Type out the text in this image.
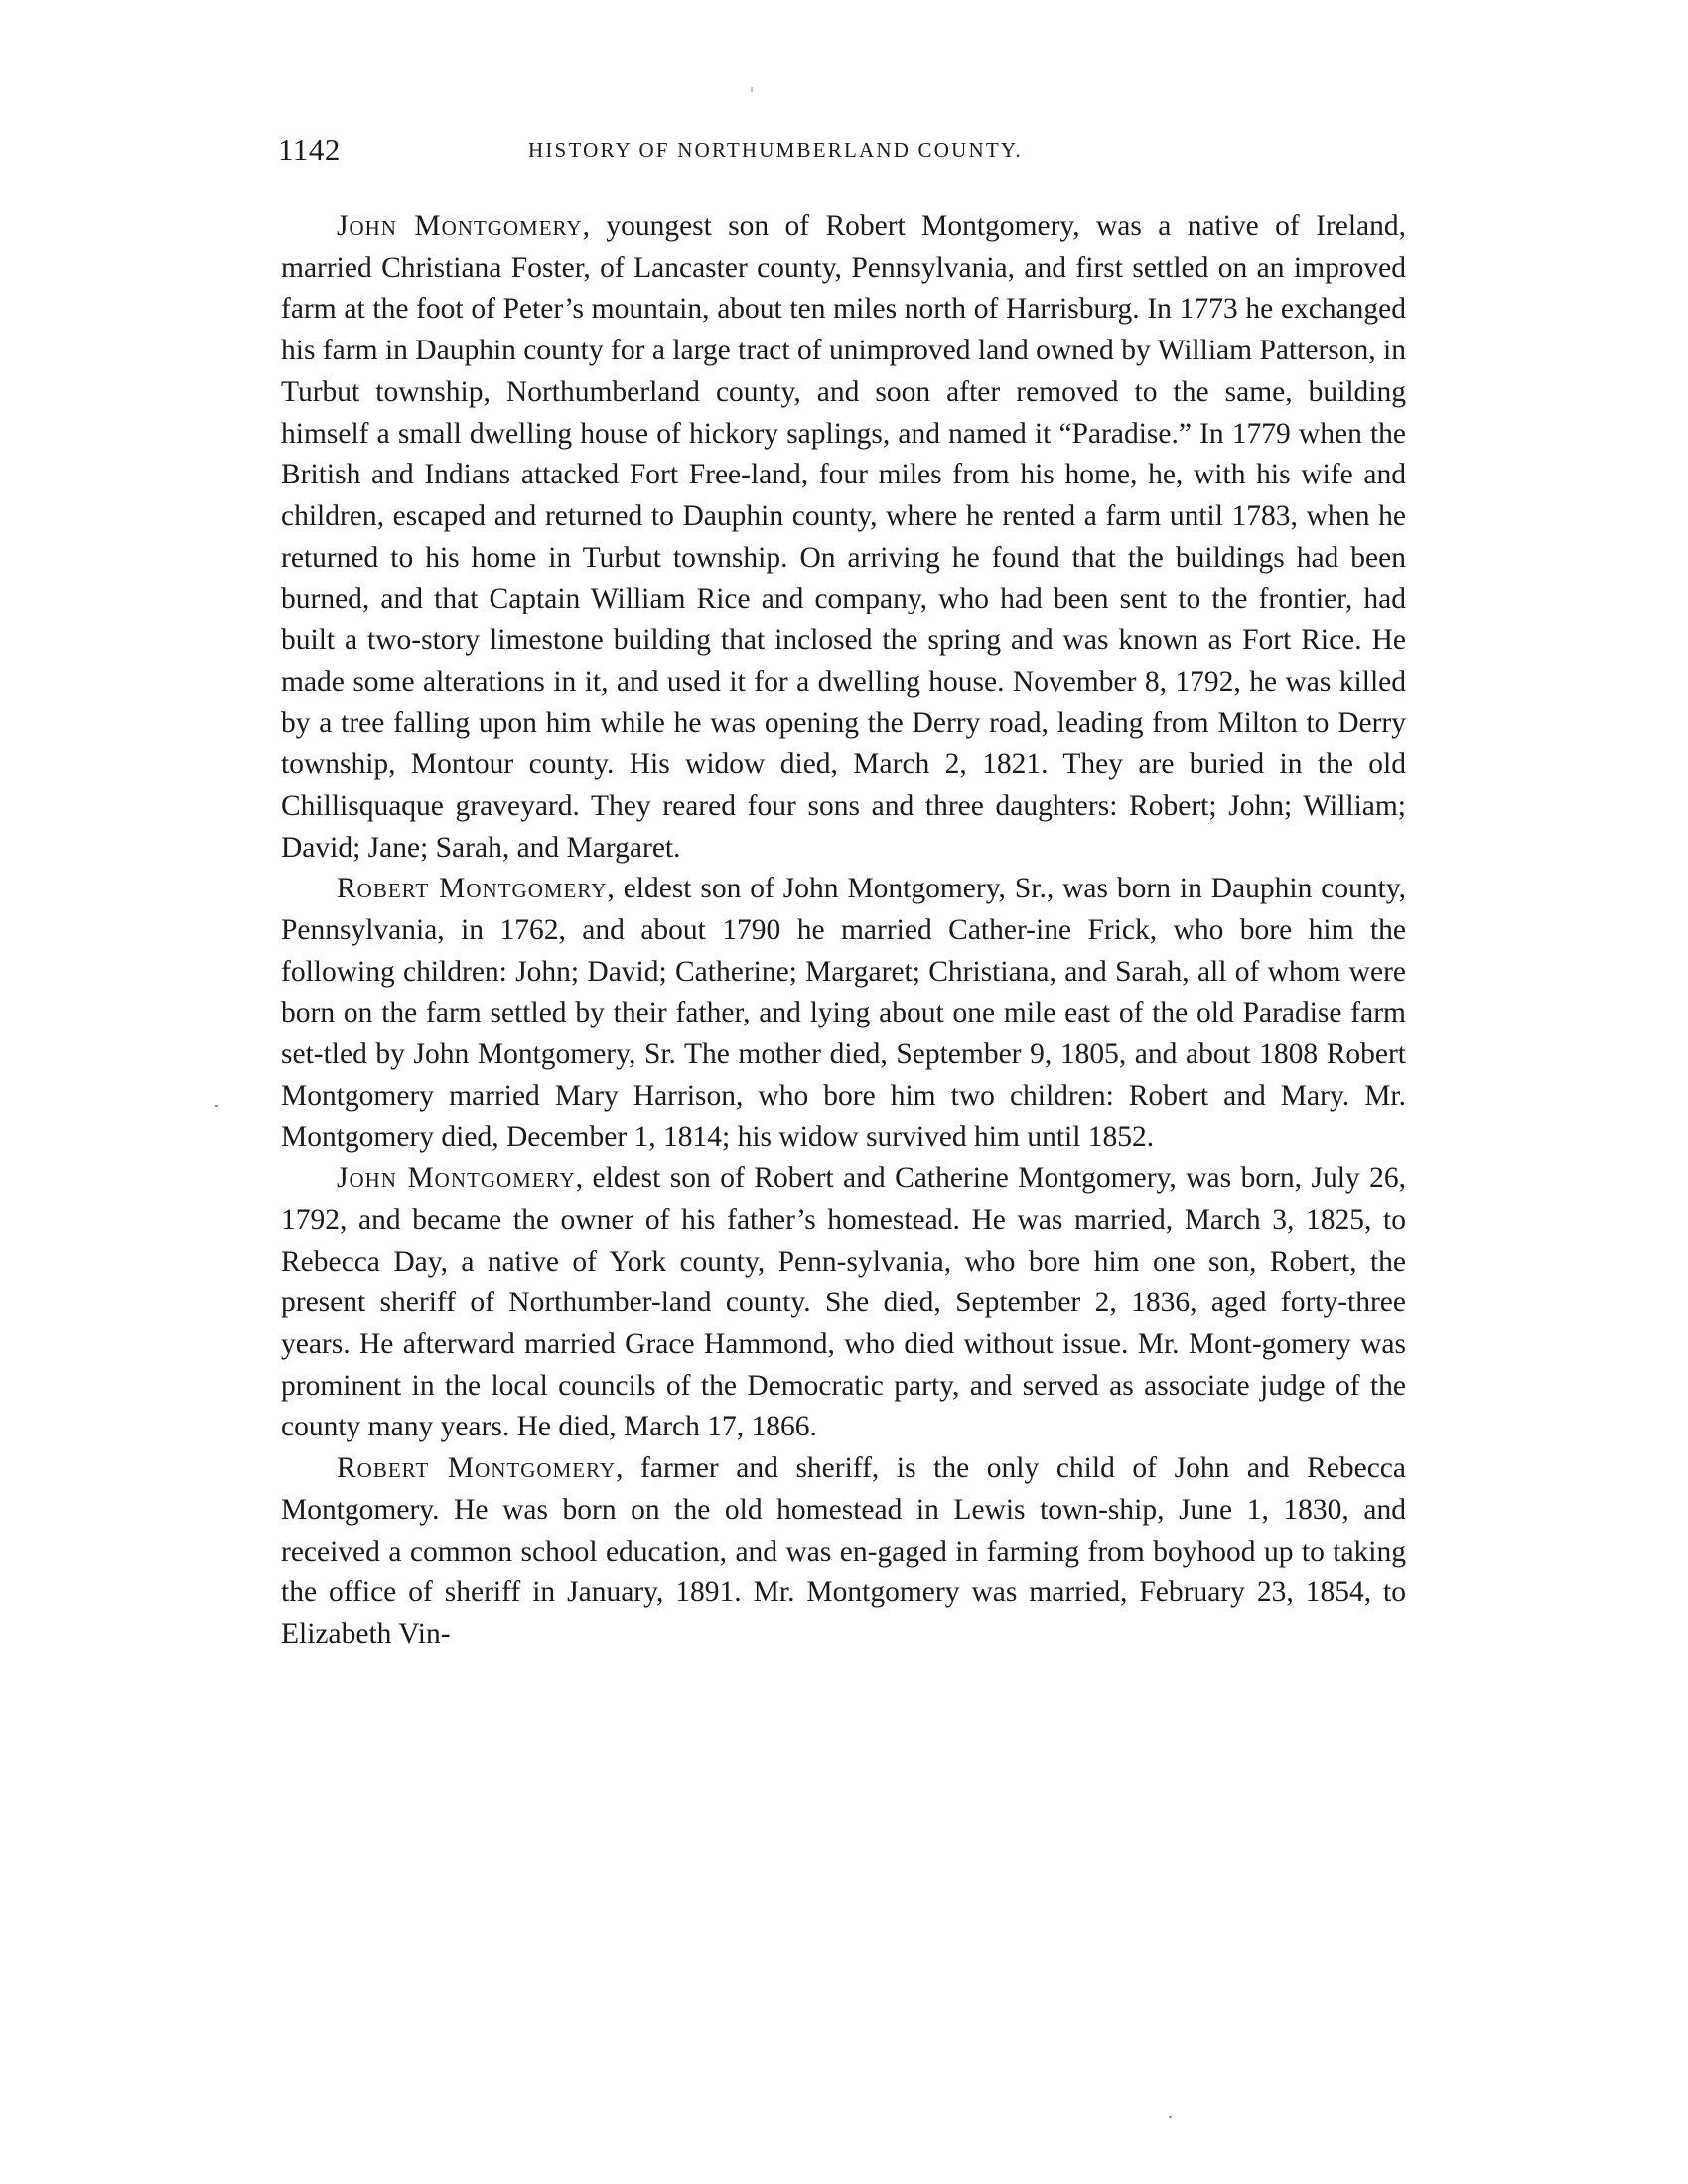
1142	HISTORY OF NORTHUMBERLAND COUNTY.

John Montgomery, youngest son of Robert Montgomery, was a native of Ireland, married Christiana Foster, of Lancaster county, Pennsylvania, and first settled on an improved farm at the foot of Peter’s mountain, about ten miles north of Harrisburg. In 1773 he exchanged his farm in Dauphin county for a large tract of unimproved land owned by William Patterson, in Turbut township, Northumberland county, and soon after removed to the same, building himself a small dwelling house of hickory saplings, and named it “Paradise.” In 1779 when the British and Indians attacked Fort Free-land, four miles from his home, he, with his wife and children, escaped and returned to Dauphin county, where he rented a farm until 1783, when he returned to his home in Turbut township. On arriving he found that the buildings had been burned, and that Captain William Rice and company, who had been sent to the frontier, had built a two-story limestone building that inclosed the spring and was known as Fort Rice. He made some alterations in it, and used it for a dwelling house. November 8, 1792, he was killed by a tree falling upon him while he was opening the Derry road, leading from Milton to Derry township, Montour county. His widow died, March 2, 1821. They are buried in the old Chillisquaque graveyard. They reared four sons and three daughters: Robert; John; William; David; Jane; Sarah, and Margaret.

Robert Montgomery, eldest son of John Montgomery, Sr., was born in Dauphin county, Pennsylvania, in 1762, and about 1790 he married Cather-ine Frick, who bore him the following children: John; David; Catherine; Margaret; Christiana, and Sarah, all of whom were born on the farm settled by their father, and lying about one mile east of the old Paradise farm set-tled by John Montgomery, Sr. The mother died, September 9, 1805, and about 1808 Robert Montgomery married Mary Harrison, who bore him two children: Robert and Mary. Mr. Montgomery died, December 1, 1814; his widow survived him until 1852.

John Montgomery, eldest son of Robert and Catherine Montgomery, was born, July 26, 1792, and became the owner of his father’s homestead. He was married, March 3, 1825, to Rebecca Day, a native of York county, Penn-sylvania, who bore him one son, Robert, the present sheriff of Northumber-land county. She died, September 2, 1836, aged forty-three years. He afterward married Grace Hammond, who died without issue. Mr. Mont-gomery was prominent in the local councils of the Democratic party, and served as associate judge of the county many years. He died, March 17, 1866.

Robert Montgomery, farmer and sheriff, is the only child of John and Rebecca Montgomery. He was born on the old homestead in Lewis town-ship, June 1, 1830, and received a common school education, and was en-gaged in farming from boyhood up to taking the office of sheriff in January, 1891. Mr. Montgomery was married, February 23, 1854, to Elizabeth Vin-
